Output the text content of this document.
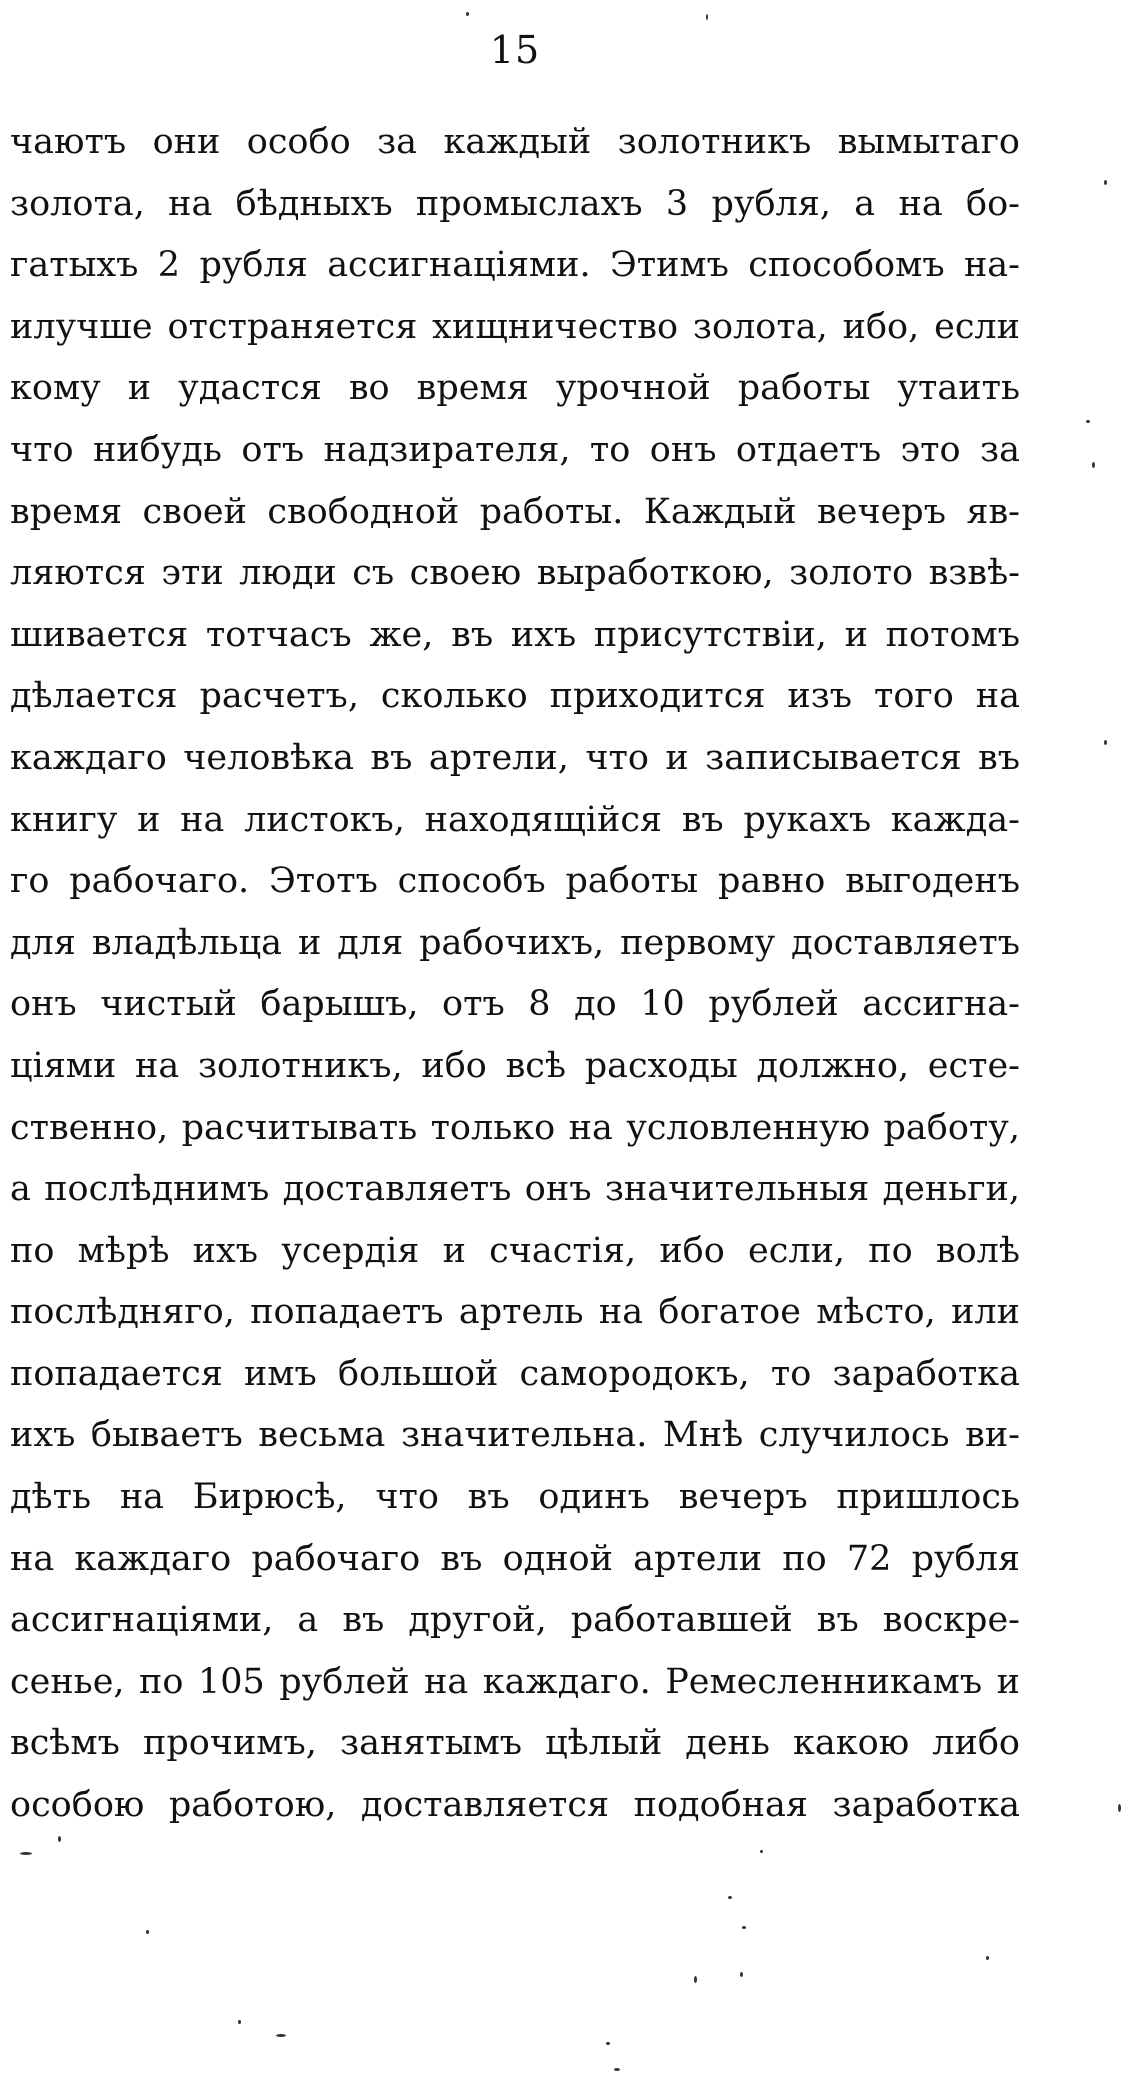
15
чаютъ они особо за каждый золотникъ вымытаго
золота, на бѣдныхъ промыслахъ 3 рубля, а на бо-
гатыхъ 2 рубля ассигнаціями. Этимъ способомъ на-
илучше отстраняется хищничество золота, ибо, если
кому и удастся во время урочной работы утаить
что нибудь отъ надзирателя, то онъ отдаетъ это за
время своей свободной работы. Каждый вечеръ яв-
ляются эти люди съ своею выработкою, золото взвѣ-
шивается тотчасъ же, въ ихъ присутствіи, и потомъ
дѣлается расчетъ, сколько приходится изъ того на
каждаго человѣка въ артели, что и записывается въ
книгу и на листокъ, находящійся въ рукахъ кажда-
го рабочаго. Этотъ способъ работы равно выгоденъ
для владѣльца и для рабочихъ, первому доставляетъ
онъ чистый барышъ, отъ 8 до 10 рублей ассигна-
ціями на золотникъ, ибо всѣ расходы должно, есте-
ственно, расчитывать только на условленную работу,
а послѣднимъ доставляетъ онъ значительныя деньги,
по мѣрѣ ихъ усердія и счастія, ибо если, по волѣ
послѣдняго, попадаетъ артель на богатое мѣсто, или
попадается имъ большой самородокъ, то заработка
ихъ бываетъ весьма значительна. Мнѣ случилось ви-
дѣть на Бирюсѣ, что въ одинъ вечеръ пришлось
на каждаго рабочаго въ одной артели по 72 рубля
ассигнаціями, а въ другой, работавшей въ воскре-
сенье, по 105 рублей на каждаго. Ремесленникамъ и
всѣмъ прочимъ, занятымъ цѣлый день какою либо
особою работою, доставляется подобная заработка
